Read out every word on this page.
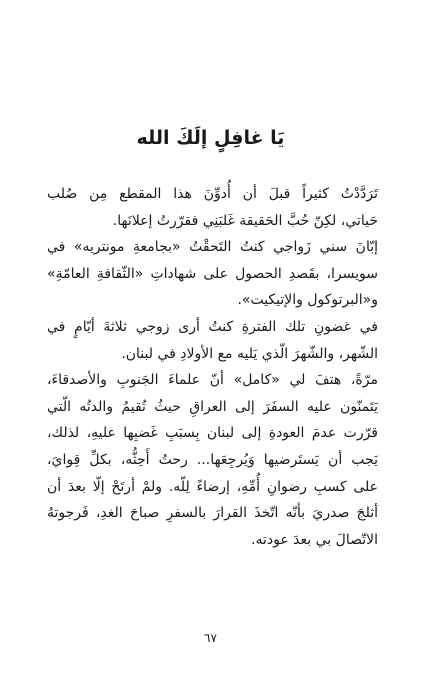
يَا غافِلٍ إلَكَ الله
تَرَدَّدْتُ كثيراً قبلَ أن أُدوِّنَ هذا المقطع مِن صُلب
حَياتي، لكِنّ حُبَّ الحَقيقة غَلبَنِي فقرّرتُ إعلانَها.
إبّانَ سني زَواجي كنتُ التَحقْتُ «بجامعةِ مونتريه» في
سويسرا، بقَصدِ الحصول على شهاداتِ «الثّقافةِ العامّةِ»
و«البرتوكول والإتيكيت».
في غضونِ تلك الفترةِ كنتُ أرى زوجي ثلاثةَ أيّامٍ في
الشّهر، والشّهرَ الّذي يَليه مع الأولادِ في لبنان.
مرّةً، هتفَ لي «كامل» أنّ علماءَ الجَنوبِ والأصدقاءَ،
يَتَمنّون عليه السفَرَ إلى العراقِ حيثُ تُقيمُ والدتُه الّتي
قرّرت عدمَ العودةِ إلى لبنان بِسبَبِ غَضبِها عليهِ، لذلك،
يَجب أن يَستَرضيها وَيُرجِعَها... رحتُ أَحِثُّه، بكلِّ قِوايَ،
على كسبِ رضوانِ أُمِّهِ، إرضاءً لِلّه. ولمْ أرتَحْ إلّا بعدَ أن
أثلجَ صدريَ بأنّه اتّخذَ القرارَ بالسفرِ صباحَ الغدِ، فَرجوتهُ
الاتّصالَ بي بعدَ عودته.
٦٧
